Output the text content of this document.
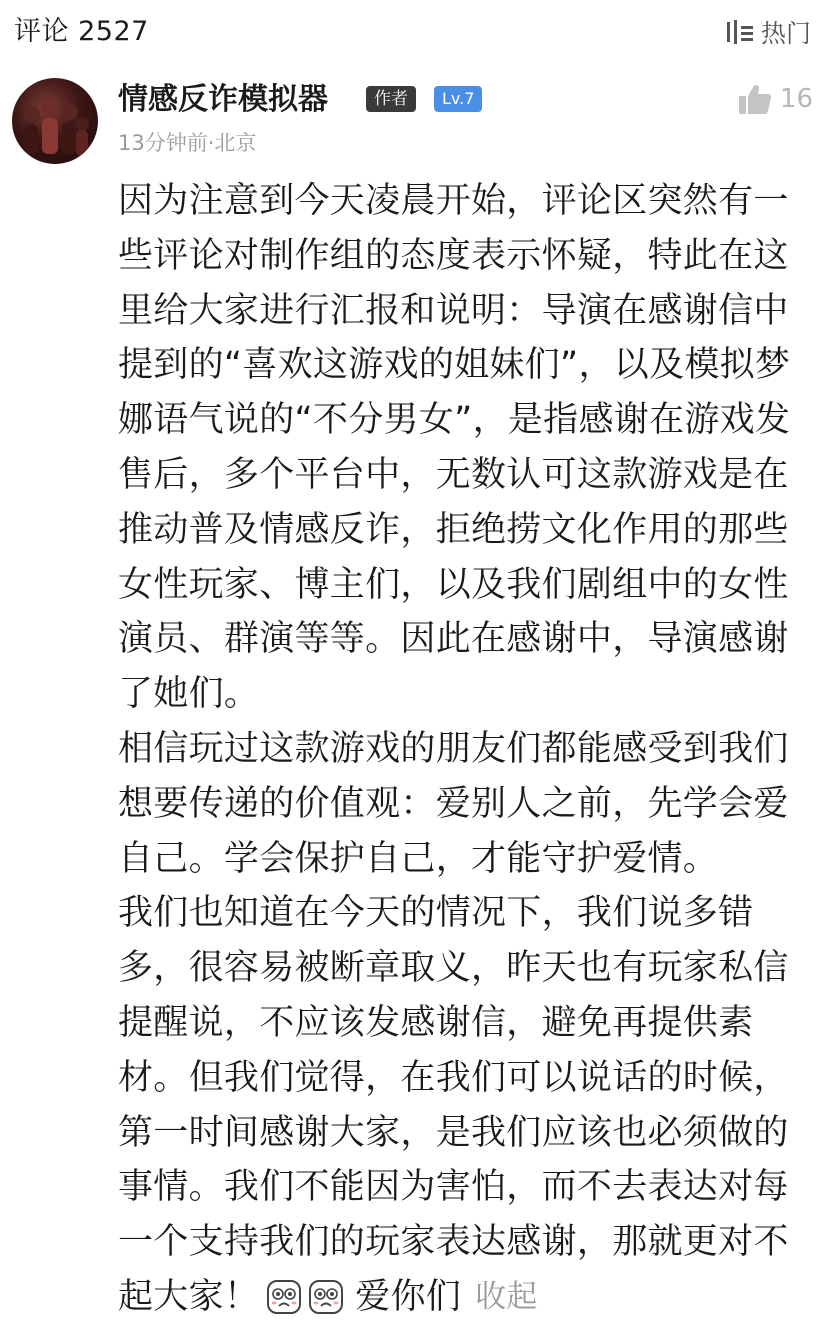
评论 2527	热门
情感反诈模拟器	作者	Lv.7	16
13分钟前·北京

因为注意到今天凌晨开始，评论区突然有一些评论对制作组的态度表示怀疑，特此在这里给大家进行汇报和说明：导演在感谢信中提到的“喜欢这游戏的姐妹们”，以及模拟梦娜语气说的“不分男女”，是指感谢在游戏发售后，多个平台中，无数认可这款游戏是在推动普及情感反诈，拒绝捞文化作用的那些女性玩家、博主们，以及我们剧组中的女性演员、群演等等。因此在感谢中，导演感谢了她们。

相信玩过这款游戏的朋友们都能感受到我们想要传递的价值观：爱别人之前，先学会爱自己。学会保护自己，才能守护爱情。

我们也知道在今天的情况下，我们说多错多，很容易被断章取义，昨天也有玩家私信提醒说，不应该发感谢信，避免再提供素材。但我们觉得，在我们可以说话的时候，第一时间感谢大家，是我们应该也必须做的事情。我们不能因为害怕，而不去表达对每一个支持我们的玩家表达感谢，那就更对不

起大家！	爱你们 收起
